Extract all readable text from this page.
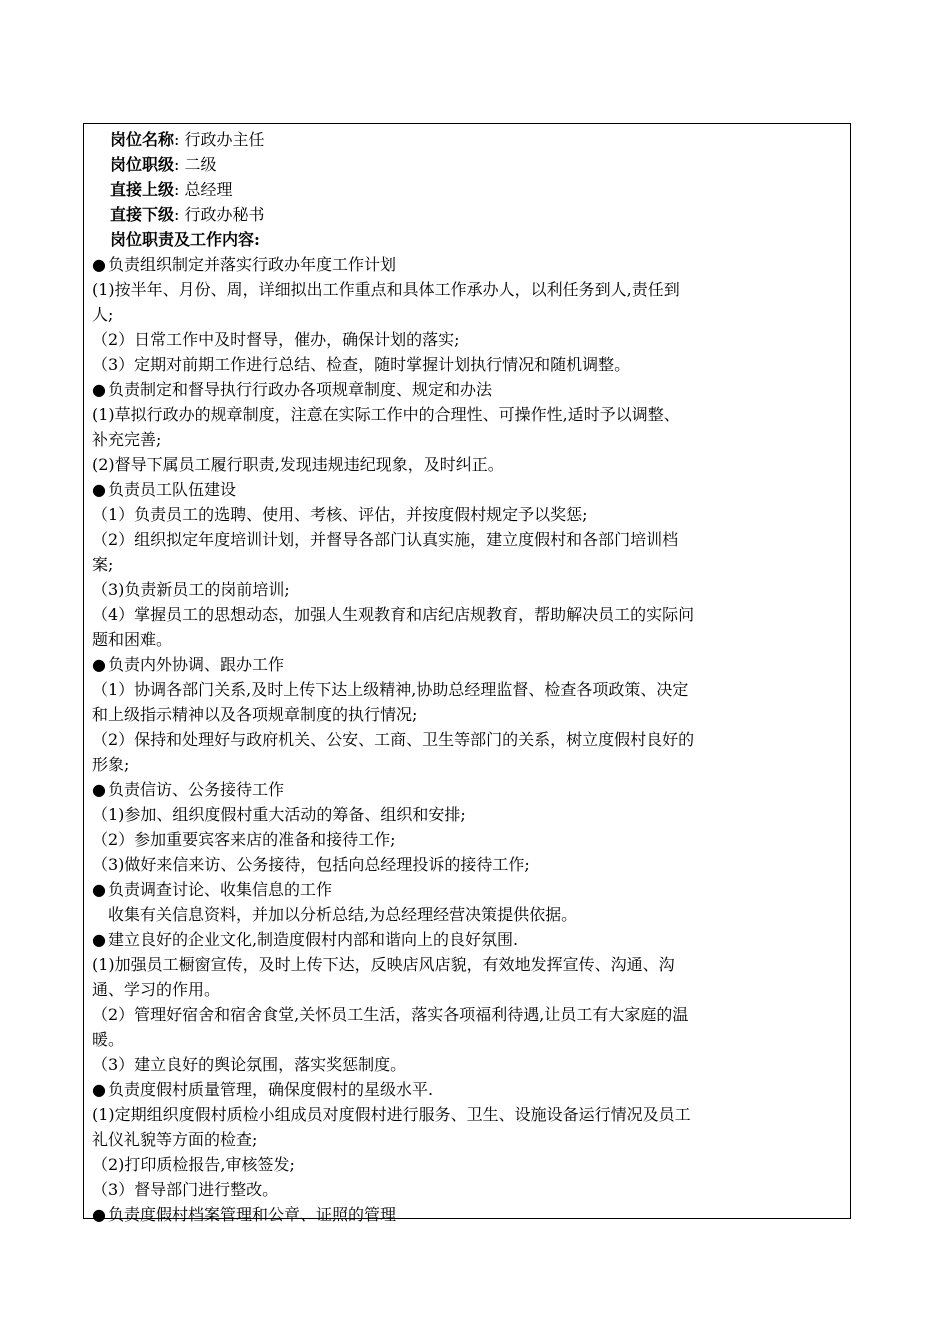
岗位名称: 行政办主任
岗位职级: 二级
直接上级: 总经理
直接下级: 行政办秘书
岗位职责及工作内容:
● 负责组织制定并落实行政办年度工作计划
(1)按半年、月份、周，详细拟出工作重点和具体工作承办人，以利任务到人,责任到
人;
（2）日常工作中及时督导，催办，确保计划的落实;
（3）定期对前期工作进行总结、检查，随时掌握计划执行情况和随机调整。
● 负责制定和督导执行行政办各项规章制度、规定和办法
(1)草拟行政办的规章制度，注意在实际工作中的合理性、可操作性,适时予以调整、
补充完善;
(2)督导下属员工履行职责,发现违规违纪现象，及时纠正。
● 负责员工队伍建设
（1）负责员工的选聘、使用、考核、评估，并按度假村规定予以奖惩;
（2）组织拟定年度培训计划，并督导各部门认真实施，建立度假村和各部门培训档
案;
（3)负责新员工的岗前培训;
（4）掌握员工的思想动态，加强人生观教育和店纪店规教育，帮助解决员工的实际问
题和困难。
● 负责内外协调、跟办工作
（1）协调各部门关系,及时上传下达上级精神,协助总经理监督、检查各项政策、决定
和上级指示精神以及各项规章制度的执行情况;
（2）保持和处理好与政府机关、公安、工商、卫生等部门的关系，树立度假村良好的
形象;
● 负责信访、公务接待工作
（1)参加、组织度假村重大活动的筹备、组织和安排;
（2）参加重要宾客来店的准备和接待工作;
（3)做好来信来访、公务接待，包括向总经理投诉的接待工作;
● 负责调查讨论、收集信息的工作
收集有关信息资料，并加以分析总结,为总经理经营决策提供依据。
● 建立良好的企业文化,制造度假村内部和谐向上的良好氛围.
(1)加强员工橱窗宣传，及时上传下达，反映店风店貌，有效地发挥宣传、沟通、沟
通、学习的作用。
（2）管理好宿舍和宿舍食堂,关怀员工生活，落实各项福利待遇,让员工有大家庭的温
暖。
（3）建立良好的舆论氛围，落实奖惩制度。
● 负责度假村质量管理，确保度假村的星级水平.
(1)定期组织度假村质检小组成员对度假村进行服务、卫生、设施设备运行情况及员工
礼仪礼貌等方面的检查;
（2)打印质检报告,审核签发;
（3）督导部门进行整改。
● 负责度假村档案管理和公章、证照的管理
